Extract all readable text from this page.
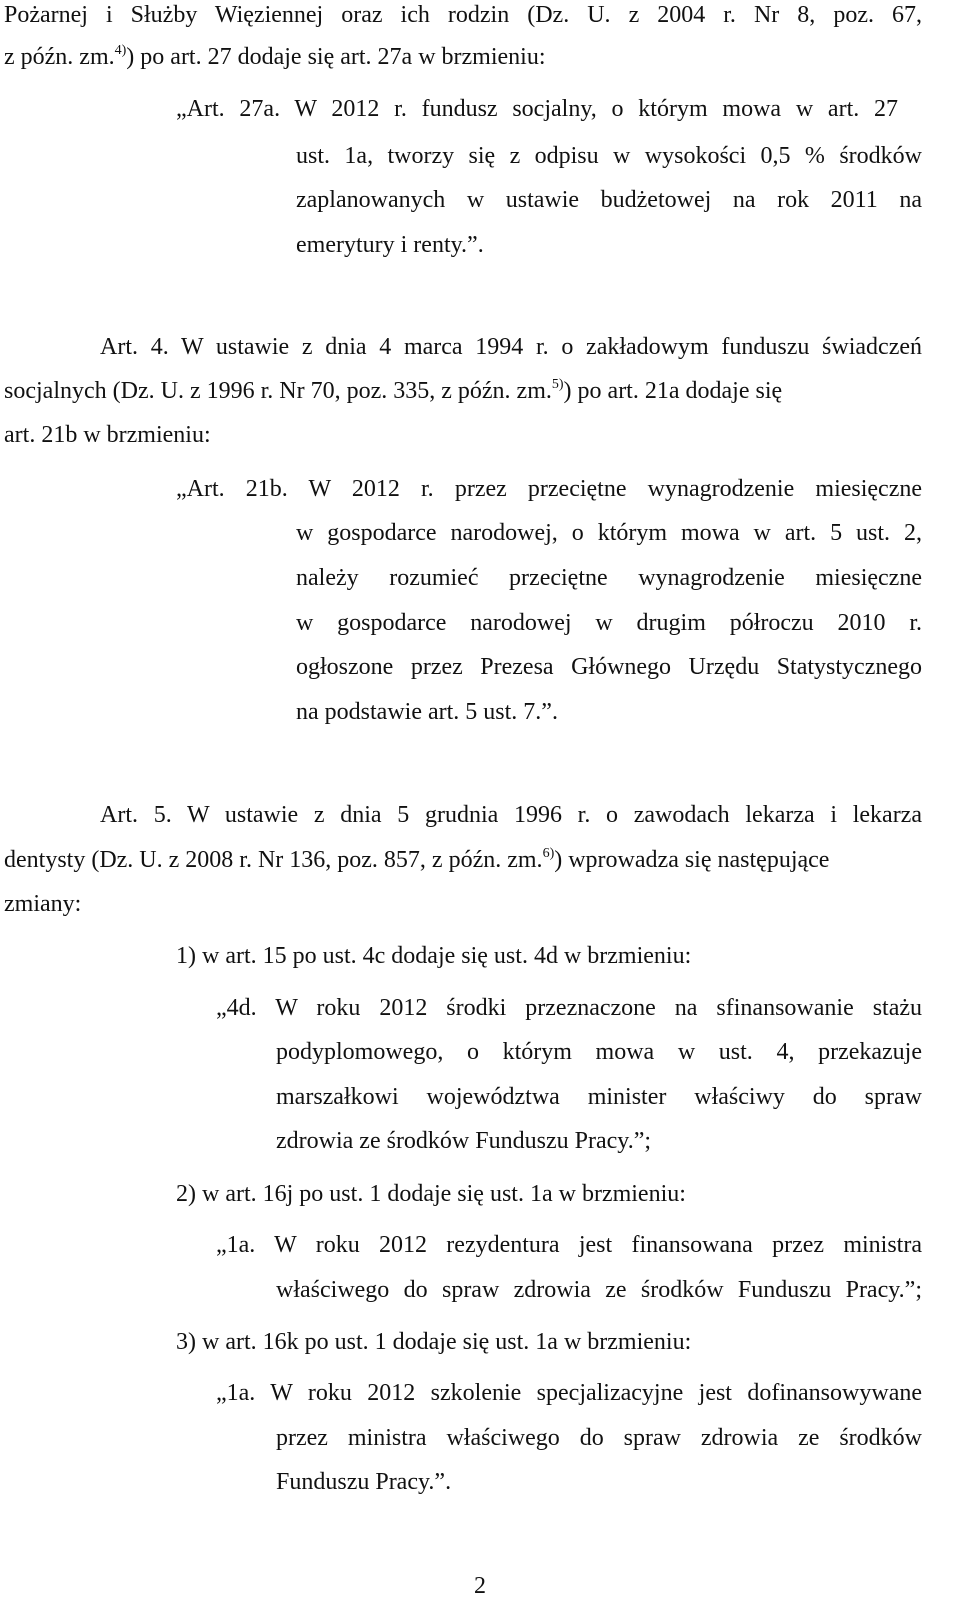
Pożarnej i Służby Więziennej oraz ich rodzin (Dz. U. z 2004 r. Nr 8, poz. 67,
z późn. zm.$^{4)}$) po art. 27 dodaje się art. 27a w brzmieniu:
„Art. 27a. W 2012 r. fundusz socjalny, o którym mowa w art. 27
ust. 1a, tworzy się z odpisu w wysokości 0,5 % środków
zaplanowanych w ustawie budżetowej na rok 2011 na
emerytury i renty.”.
Art. 4. W ustawie z dnia 4 marca 1994 r. o zakładowym funduszu świadczeń
socjalnych (Dz. U. z 1996 r. Nr 70, poz. 335, z późn. zm.$^{5)}$) po art. 21a dodaje się
art. 21b w brzmieniu:
„Art. 21b. W 2012 r. przez przeciętne wynagrodzenie miesięczne
w gospodarce narodowej, o którym mowa w art. 5 ust. 2,
należy rozumieć przeciętne wynagrodzenie miesięczne
w gospodarce narodowej w drugim półroczu 2010 r.
ogłoszone przez Prezesa Głównego Urzędu Statystycznego
na podstawie art. 5 ust. 7.”.
Art. 5. W ustawie z dnia 5 grudnia 1996 r. o zawodach lekarza i lekarza
dentysty (Dz. U. z 2008 r. Nr 136, poz. 857, z późn. zm.$^{6)}$) wprowadza się następujące
zmiany:
1) w art. 15 po ust. 4c dodaje się ust. 4d w brzmieniu:
„4d. W roku 2012 środki przeznaczone na sfinansowanie stażu
podyplomowego, o którym mowa w ust. 4, przekazuje
marszałkowi województwa minister właściwy do spraw
zdrowia ze środków Funduszu Pracy.”;
2) w art. 16j po ust. 1 dodaje się ust. 1a w brzmieniu:
„1a. W roku 2012 rezydentura jest finansowana przez ministra
właściwego do spraw zdrowia ze środków Funduszu Pracy.”;
3) w art. 16k po ust. 1 dodaje się ust. 1a w brzmieniu:
„1a. W roku 2012 szkolenie specjalizacyjne jest dofinansowywane
przez ministra właściwego do spraw zdrowia ze środków
Funduszu Pracy.”.
2
